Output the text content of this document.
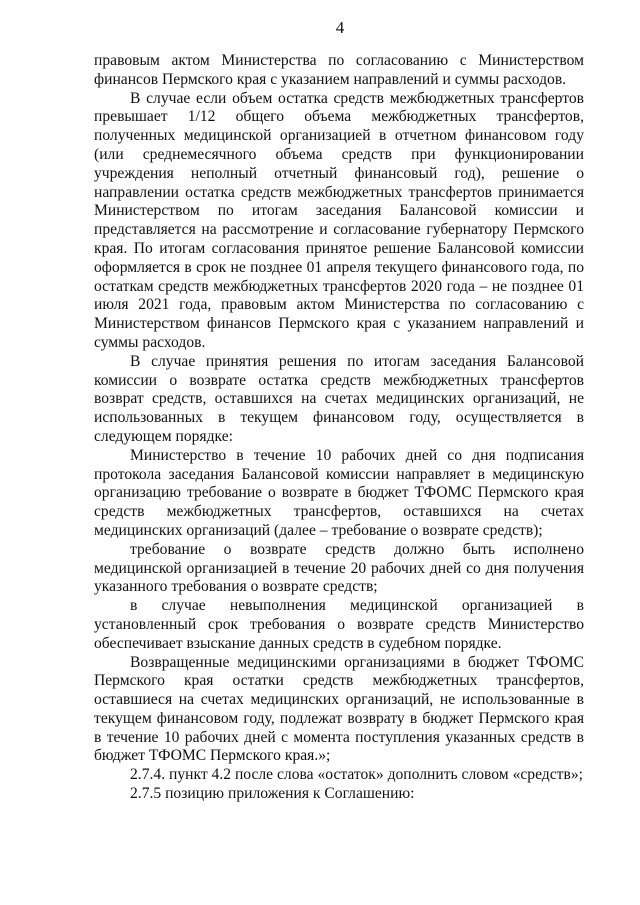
4

правовым актом Министерства по согласованию с Министерством финансов Пермского края с указанием направлений и суммы расходов.

В случае если объем остатка средств межбюджетных трансфертов превышает 1/12 общего объема межбюджетных трансфертов, полученных медицинской организацией в отчетном финансовом году (или среднемесячного объема средств при функционировании учреждения неполный отчетный финансовый год), решение о направлении остатка средств межбюджетных трансфертов принимается Министерством по итогам заседания Балансовой комиссии и представляется на рассмотрение и согласование губернатору Пермского края. По итогам согласования принятое решение Балансовой комиссии оформляется в срок не позднее 01 апреля текущего финансового года, по остаткам средств межбюджетных трансфертов 2020 года – не позднее 01 июля 2021 года, правовым актом Министерства по согласованию с Министерством финансов Пермского края с указанием направлений и суммы расходов.

В случае принятия решения по итогам заседания Балансовой комиссии о возврате остатка средств межбюджетных трансфертов возврат средств, оставшихся на счетах медицинских организаций, не использованных в текущем финансовом году, осуществляется в следующем порядке:

Министерство в течение 10 рабочих дней со дня подписания протокола заседания Балансовой комиссии направляет в медицинскую организацию требование о возврате в бюджет ТФОМС Пермского края средств межбюджетных трансфертов, оставшихся на счетах медицинских организаций (далее – требование о возврате средств);

требование о возврате средств должно быть исполнено медицинской организацией в течение 20 рабочих дней со дня получения указанного требования о возврате средств;

в случае невыполнения медицинской организацией в установленный срок требования о возврате средств Министерство обеспечивает взыскание данных средств в судебном порядке.

Возвращенные медицинскими организациями в бюджет ТФОМС Пермского края остатки средств межбюджетных трансфертов, оставшиеся на счетах медицинских организаций, не использованные в текущем финансовом году, подлежат возврату в бюджет Пермского края в течение 10 рабочих дней с момента поступления указанных средств в бюджет ТФОМС Пермского края.»;

2.7.4. пункт 4.2 после слова «остаток» дополнить словом «средств»;

2.7.5 позицию приложения к Соглашению:
